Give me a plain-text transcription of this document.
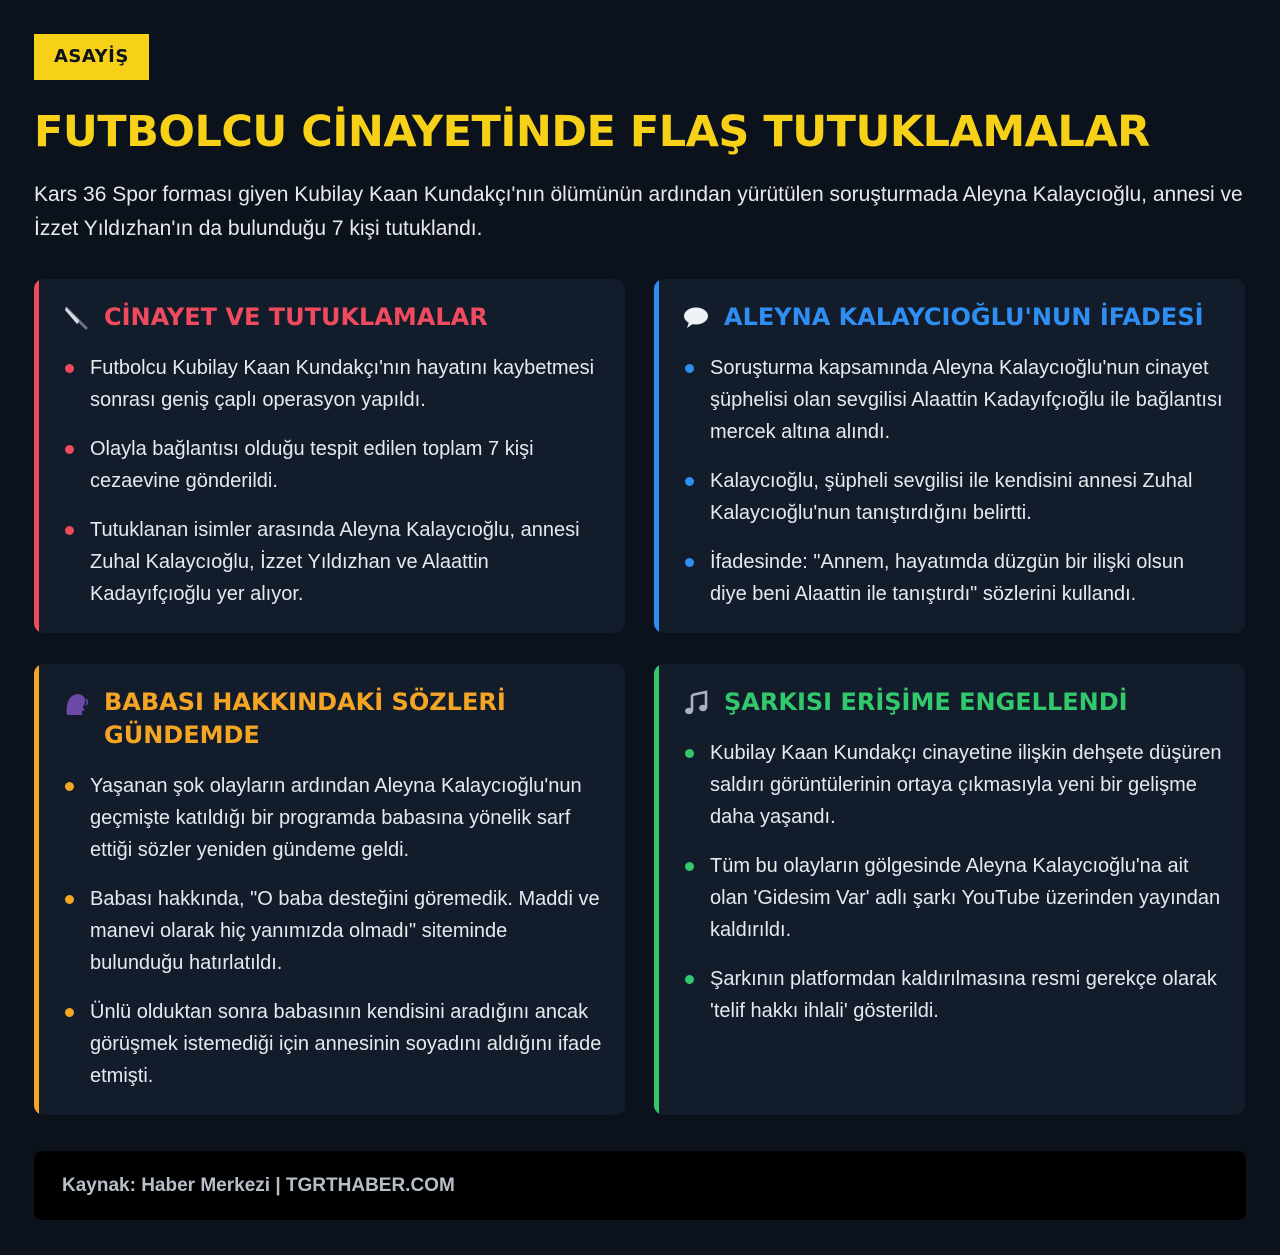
ASAYİŞ
FUTBOLCU CİNAYETİNDE FLAŞ TUTUKLAMALAR

Kars 36 Spor forması giyen Kubilay Kaan Kundakçı'nın ölümünün ardından yürütülen soruşturmada Aleyna Kalaycıoğlu, annesi ve İzzet Yıldızhan'ın da bulunduğu 7 kişi tutuklandı.

CİNAYET VE TUTUKLAMALAR
Futbolcu Kubilay Kaan Kundakçı'nın hayatını kaybetmesi sonrası geniş çaplı operasyon yapıldı.
Olayla bağlantısı olduğu tespit edilen toplam 7 kişi cezaevine gönderildi.
Tutuklanan isimler arasında Aleyna Kalaycıoğlu, annesi Zuhal Kalaycıoğlu, İzzet Yıldızhan ve Alaattin Kadayıfçıoğlu yer alıyor.
ALEYNA KALAYCIOĞLU'NUN İFADESİ
Soruşturma kapsamında Aleyna Kalaycıoğlu'nun cinayet şüphelisi olan sevgilisi Alaattin Kadayıfçıoğlu ile bağlantısı mercek altına alındı.
Kalaycıoğlu, şüpheli sevgilisi ile kendisini annesi Zuhal Kalaycıoğlu'nun tanıştırdığını belirtti.
İfadesinde: "Annem, hayatımda düzgün bir ilişki olsun diye beni Alaattin ile tanıştırdı" sözlerini kullandı.
BABASI HAKKINDAKİ SÖZLERİ GÜNDEMDE
Yaşanan şok olayların ardından Aleyna Kalaycıoğlu'nun geçmişte katıldığı bir programda babasına yönelik sarf ettiği sözler yeniden gündeme geldi.
Babası hakkında, "O baba desteğini göremedik. Maddi ve manevi olarak hiç yanımızda olmadı" siteminde bulunduğu hatırlatıldı.
Ünlü olduktan sonra babasının kendisini aradığını ancak görüşmek istemediği için annesinin soyadını aldığını ifade etmişti.
ŞARKISI ERİŞİME ENGELLENDİ
Kubilay Kaan Kundakçı cinayetine ilişkin dehşete düşüren saldırı görüntülerinin ortaya çıkmasıyla yeni bir gelişme daha yaşandı.
Tüm bu olayların gölgesinde Aleyna Kalaycıoğlu'na ait olan 'Gidesim Var' adlı şarkı YouTube üzerinden yayından kaldırıldı.
Şarkının platformdan kaldırılmasına resmi gerekçe olarak 'telif hakkı ihlali' gösterildi.
Kaynak: Haber Merkezi | TGRTHABER.COM
